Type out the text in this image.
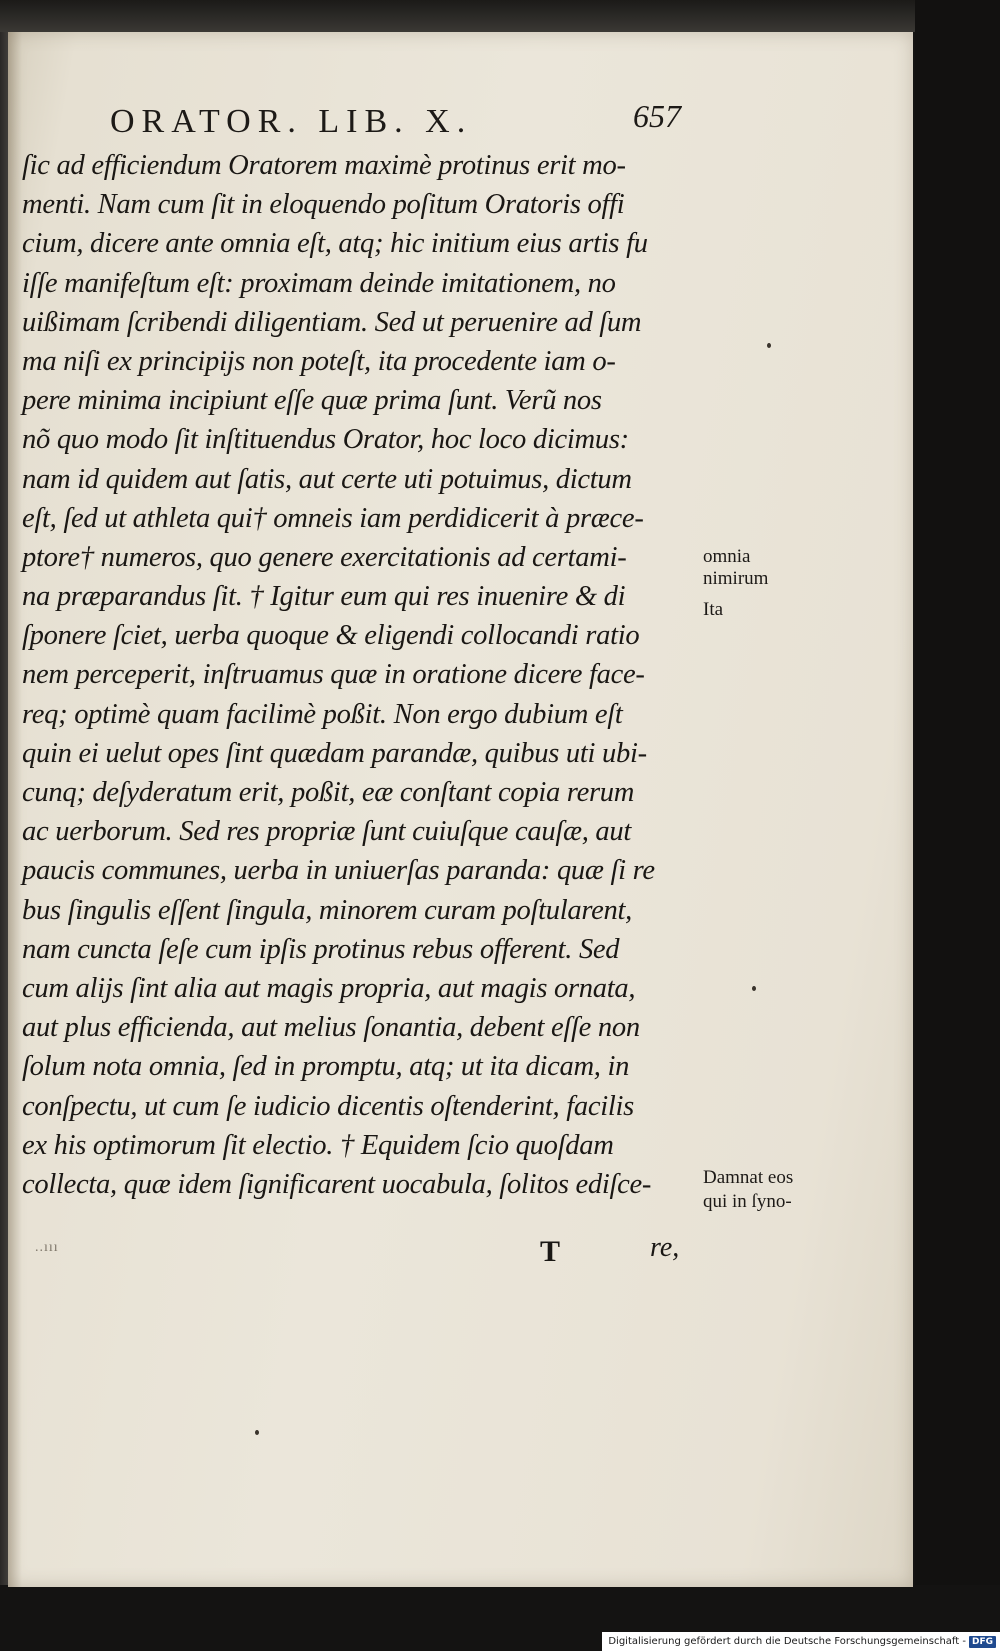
ORATOR. LIB. X.	657
ſic ad efficiendum Oratorem maximè protinus erit mo-
menti. Nam cum ſit in eloquendo poſitum Oratoris offi
cium, dicere ante omnia eſt, atq; hic initium eius artis fu
iſſe manifeſtum eſt: proximam deinde imitationem, no
uißimam ſcribendi diligentiam. Sed ut peruenire ad ſum
ma niſi ex principijs non poteſt, ita procedente iam o-
pere minima incipiunt eſſe quæ prima ſunt. Verũ nos
nõ quo modo ſit inſtituendus Orator, hoc loco dicimus:
nam id quidem aut ſatis, aut certe uti potuimus, dictum
eſt, ſed ut athleta qui† omneis iam perdidicerit à præce-
ptore† numeros, quo genere exercitationis ad certami-
na præparandus ſit. † Igitur eum qui res inuenire & di
ſponere ſciet, uerba quoque & eligendi collocandi ratio
nem perceperit, inſtruamus quæ in oratione dicere face-
req; optimè quam facilimè poßit. Non ergo dubium eſt
quin ei uelut opes ſint quædam parandæ, quibus uti ubi-
cunq; deſyderatum erit, poßit, eæ conſtant copia rerum
ac uerborum. Sed res propriæ ſunt cuiuſque cauſæ, aut
paucis communes, uerba in uniuerſas paranda: quæ ſi re
bus ſingulis eſſent ſingula, minorem curam poſtularent,
nam cuncta ſeſe cum ipſis protinus rebus offerent. Sed
cum alijs ſint alia aut magis propria, aut magis ornata,
aut plus efficienda, aut melius ſonantia, debent eſſe non
ſolum nota omnia, ſed in promptu, atq; ut ita dicam, in
conſpectu, ut cum ſe iudicio dicentis oſtenderint, facilis
ex his optimorum ſit electio. † Equidem ſcio quoſdam
collecta, quæ idem ſignificarent uocabula, ſolitos ediſce-
omnia
nimirum
Ita
Damnat eos
qui in ſyno-
..ııı	T	re,
Digitalisierung gefördert durch die Deutsche Forschungsgemeinschaft - DFG
